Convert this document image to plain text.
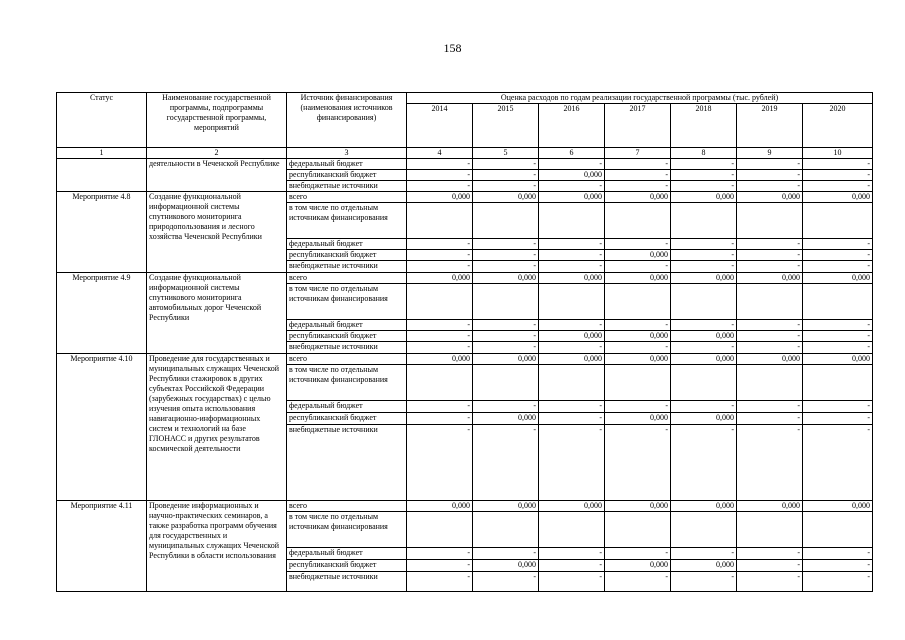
158
Статус	Наименование государственной программы, подпрограммы государственной программы, мероприятий	Источник финансирования (наименования источников финансирования)	Оценка расходов по годам реализации государственной программы (тыс. рублей)						
			2014	2015	2016	2017	2018	2019	2020
1	2	3	4	5	6	7	8	9	10
	деятельности в Чеченской Республике	федеральный бюджет	-	-	-	-	-	-	-
		республиканский бюджет	-	-	0,000	-	-	-	-
		внебюджетные источники	-	-	-	-	-	-	-
Мероприятие 4.8	Создание функциональной информационной системы спутникового мониторинга природопользования и лесного хозяйства Чеченской Республики	всего	0,000	0,000	0,000	0,000	0,000	0,000	0,000
		в том числе по отдельным источникам финансирования							
		федеральный бюджет	-	-	-	-	-	-	-
		республиканский бюджет	-	-	-	0,000	-	-	-
		внебюджетные источники	-	-	-	-	-	-	-
Мероприятие 4.9	Создание функциональной информационной системы спутникового мониторинга автомобильных дорог Чеченской Республики	всего	0,000	0,000	0,000	0,000	0,000	0,000	0,000
		в том числе по отдельным источникам финансирования							
		федеральный бюджет	-	-	-	-	-	-	-
		республиканский бюджет	-	-	0,000	0,000	0,000	-	-
		внебюджетные источники	-	-	-	-	-	-	-
Мероприятие 4.10	Проведение для государственных и муниципальных служащих Чеченской Республики стажировок в других субъектах Российской Федерации (зарубежных государствах) с целью изучения опыта использования навигационно-информационных систем и технологий на базе ГЛОНАСС и других результатов космической деятельности	всего	0,000	0,000	0,000	0,000	0,000	0,000	0,000
		в том числе по отдельным источникам финансирования							
		федеральный бюджет	-	-	-	-	-	-	-
		республиканский бюджет	-	0,000	-	0,000	0,000	-	-
		внебюджетные источники	-	-	-	-	-	-	-
Мероприятие 4.11	Проведение информационных и научно-практических семинаров, а также разработка программ обучения для государственных и муниципальных служащих Чеченской Республики в области использования	всего	0,000	0,000	0,000	0,000	0,000	0,000	0,000
		в том числе по отдельным источникам финансирования							
		федеральный бюджет	-	-	-	-	-	-	-
		республиканский бюджет	-	0,000	-	0,000	0,000	-	-
		внебюджетные источники	-	-	-	-	-	-	-
